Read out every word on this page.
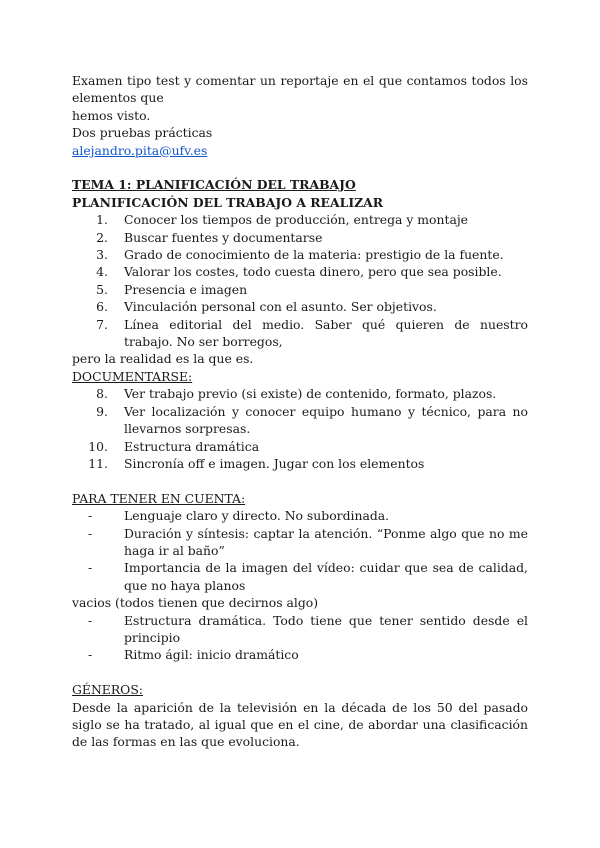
Examen tipo test y comentar un reportaje en el que contamos todos los elementos que

hemos visto.

Dos pruebas prácticas

alejandro.pita@ufv.es

TEMA 1: PLANIFICACIÓN DEL TRABAJO

PLANIFICACIÓN DEL TRABAJO A REALIZAR

1. Conocer los tiempos de producción, entrega y montaje
2. Buscar fuentes y documentarse
3. Grado de conocimiento de la materia: prestigio de la fuente.
4. Valorar los costes, todo cuesta dinero, pero que sea posible.
5. Presencia e imagen
6. Vinculación personal con el asunto. Ser objetivos.
7. Línea editorial del medio. Saber qué quieren de nuestro trabajo. No ser borregos,

pero la realidad es la que es.

DOCUMENTARSE:

8. Ver trabajo previo (si existe) de contenido, formato, plazos.
9. Ver localización y conocer equipo humano y técnico, para no llevarnos sorpresas.
10. Estructura dramática
11. Sincronía off e imagen. Jugar con los elementos

PARA TENER EN CUENTA:

-	Lenguaje claro y directo. No subordinada.
-	Duración y síntesis: captar la atención. “Ponme algo que no me haga ir al baño”
-	Importancia de la imagen del vídeo: cuidar que sea de calidad, que no haya planos

vacios (todos tienen que decirnos algo)

-	Estructura dramática. Todo tiene que tener sentido desde el principio
-	Ritmo ágil: inicio dramático

GÉNEROS:

Desde la aparición de la televisión en la década de los 50 del pasado siglo se ha tratado, al igual que en el cine, de abordar una clasificación de las formas en las que evoluciona.
